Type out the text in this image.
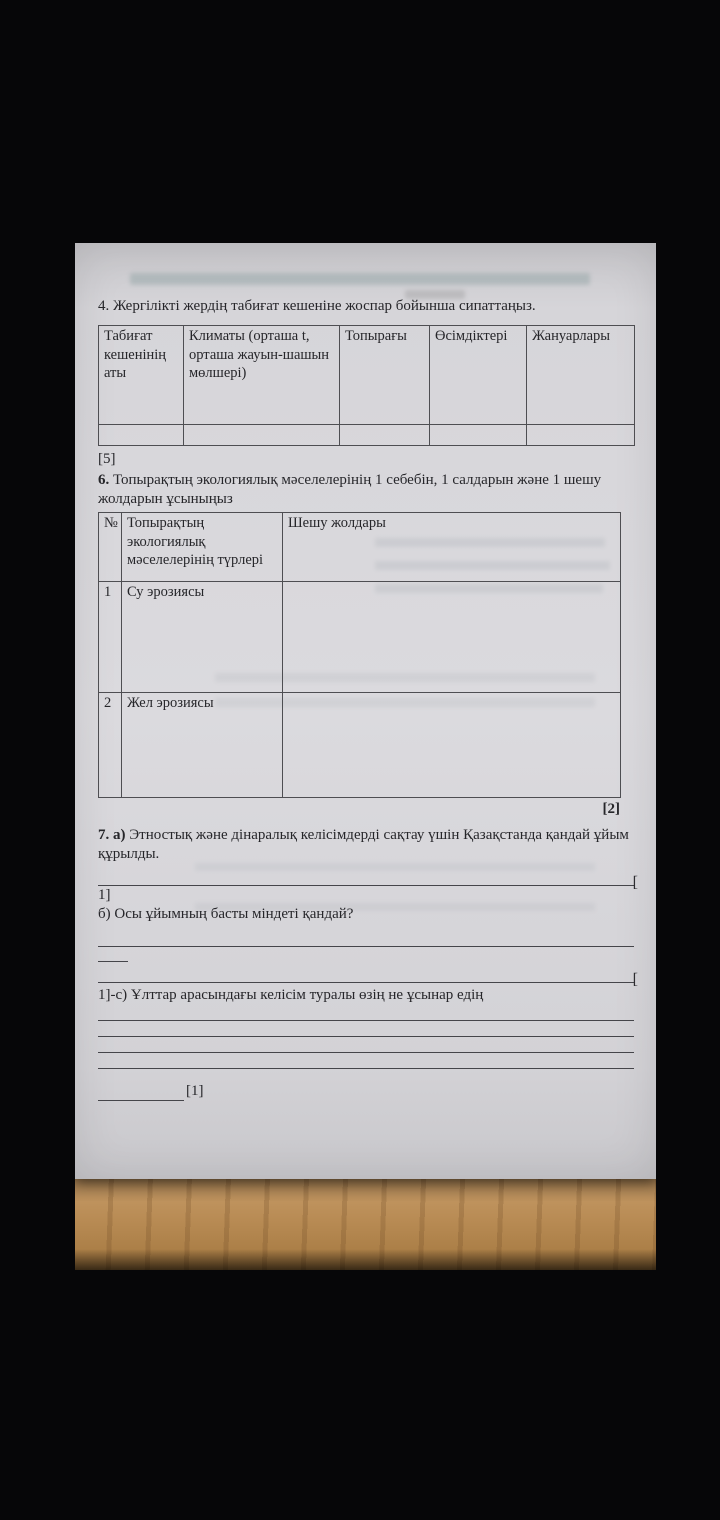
4. Жергілікті жердің табиғат кешеніне жоспар бойынша сипаттаңыз.

Табиғат кешенінің аты	Климаты (орташа t, орташа жауын-шашын мөлшері)	Топырағы	Өсімдіктері	Жануарлары

[5]

6. Топырақтың экологиялық мәселелерінің 1 себебін, 1 салдарын және 1 шешу жолдарын ұсыныңыз

№	Топырақтың экологиялық мәселелерінің түрлері	Шешу жолдары
1	Су эрозиясы	
2	Жел эрозиясы	
[2]

7. а) Этностық және дінаралық келісімдерді сақтау үшін Қазақстанда қандай ұйым құрылды.

[

1]

б) Осы ұйымның басты міндеті қандай?

[

1]-с) Ұлттар арасындағы келісім туралы өзің не ұсынар едің

[1]
